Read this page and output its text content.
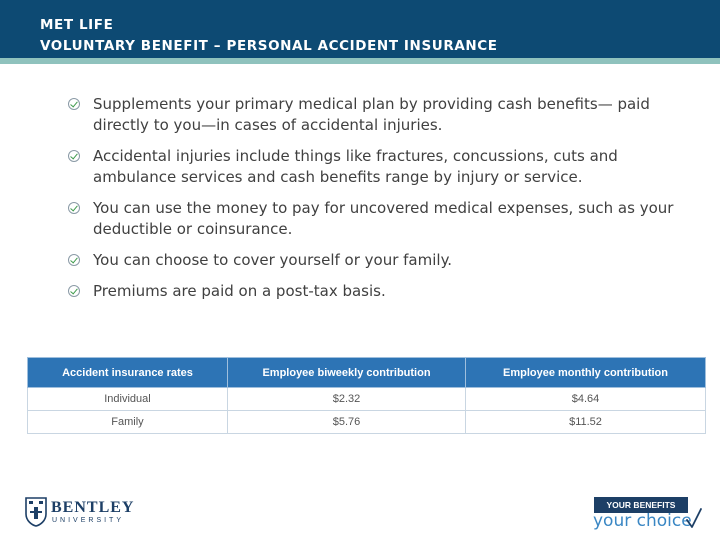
MET LIFE
VOLUNTARY BENEFIT – PERSONAL ACCIDENT INSURANCE
Supplements your primary medical plan by providing cash benefits— paid directly to you—in cases of accidental injuries.
Accidental injuries include things like fractures, concussions, cuts and ambulance services and cash benefits range by injury or service.
You can use the money to pay for uncovered medical expenses, such as your deductible or coinsurance.
You can choose to cover yourself or your family.
Premiums are paid on a post-tax basis.
Accident insurance rates	Employee biweekly contribution	Employee monthly contribution
Individual	$2.32	$4.64
Family	$5.76	$11.52
BENTLEY
UNIVERSITY
YOUR BENEFITS
your choice
